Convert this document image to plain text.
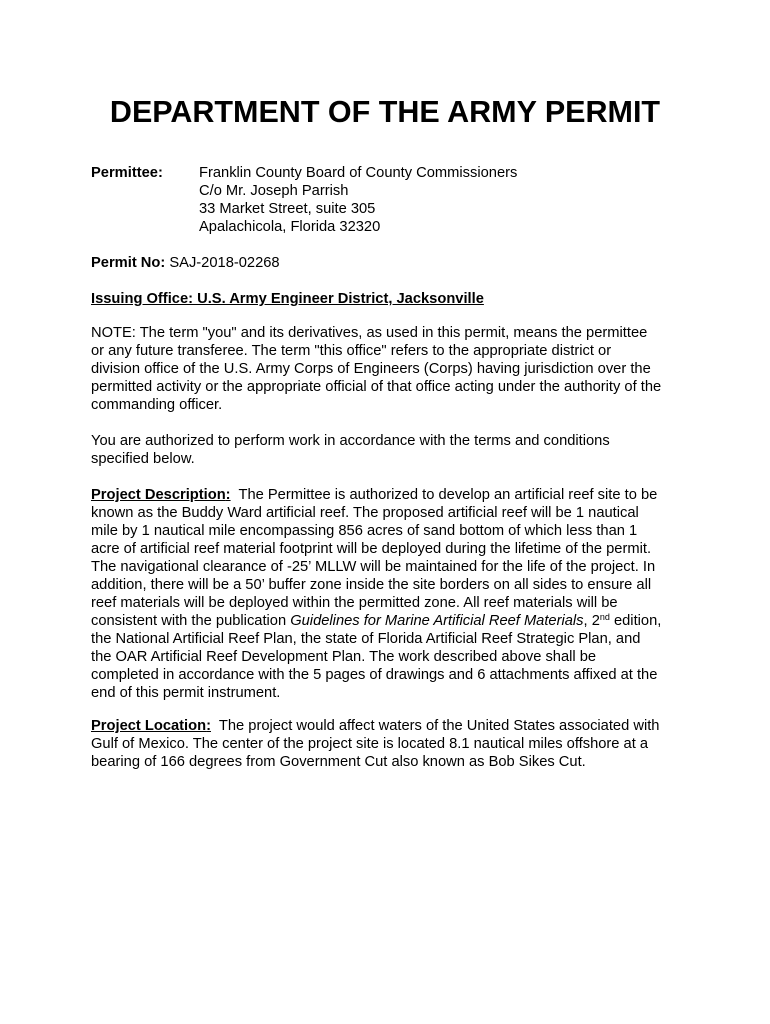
DEPARTMENT OF THE ARMY PERMIT
Permittee: Franklin County Board of County Commissioners
C/o Mr. Joseph Parrish
33 Market Street, suite 305
Apalachicola, Florida 32320
Permit No: SAJ-2018-02268
Issuing Office: U.S. Army Engineer District, Jacksonville

NOTE: The term "you" and its derivatives, as used in this permit, means the permittee
or any future transferee. The term "this office" refers to the appropriate district or
division office of the U.S. Army Corps of Engineers (Corps) having jurisdiction over the
permitted activity or the appropriate official of that office acting under the authority of the
commanding officer.

You are authorized to perform work in accordance with the terms and conditions
specified below.

Project Description:  The Permittee is authorized to develop an artificial reef site to be
known as the Buddy Ward artificial reef. The proposed artificial reef will be 1 nautical
mile by 1 nautical mile encompassing 856 acres of sand bottom of which less than 1
acre of artificial reef material footprint will be deployed during the lifetime of the permit.
The navigational clearance of -25’ MLLW will be maintained for the life of the project. In
addition, there will be a 50’ buffer zone inside the site borders on all sides to ensure all
reef materials will be deployed within the permitted zone. All reef materials will be
consistent with the publication Guidelines for Marine Artificial Reef Materials, 2nd edition,
the National Artificial Reef Plan, the state of Florida Artificial Reef Strategic Plan, and
the OAR Artificial Reef Development Plan. The work described above shall be
completed in accordance with the 5 pages of drawings and 6 attachments affixed at the
end of this permit instrument.

Project Location:  The project would affect waters of the United States associated with
Gulf of Mexico. The center of the project site is located 8.1 nautical miles offshore at a
bearing of 166 degrees from Government Cut also known as Bob Sikes Cut.
